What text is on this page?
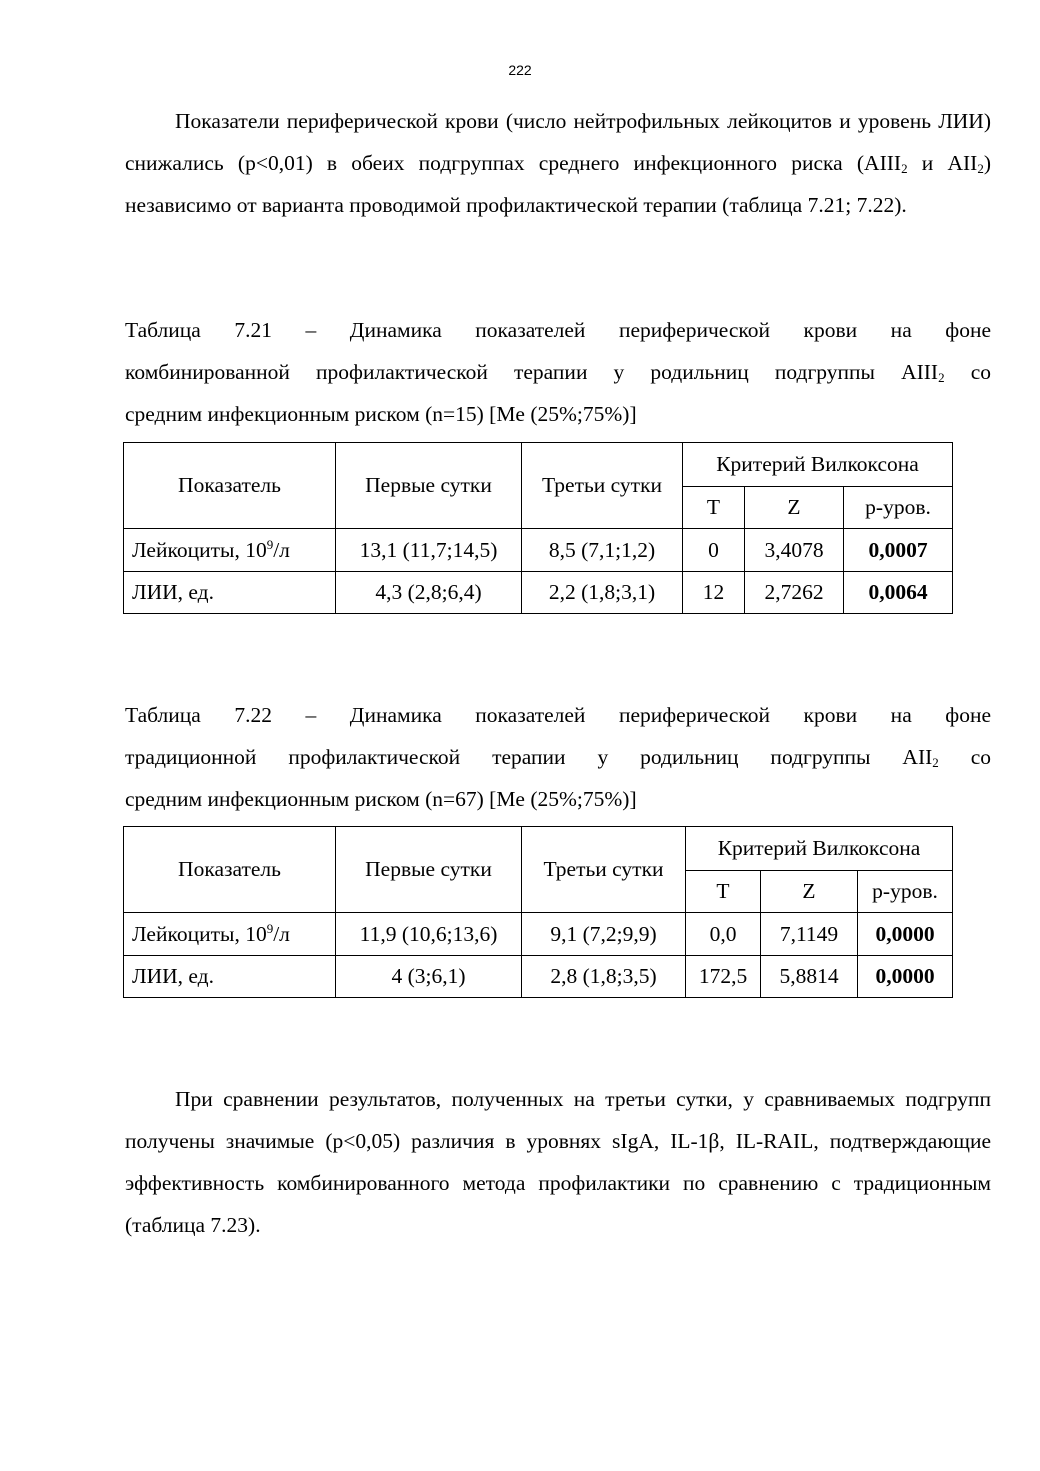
222

Показатели периферической крови (число нейтрофильных лейкоцитов и уровень ЛИИ) снижались (p<0,01) в обеих подгруппах среднего инфекционного риска ($АIII_2$ и $АII_2$) независимо от варианта проводимой профилактической терапии (таблица 7.21; 7.22).

Таблица 7.21 – Динамика показателей периферической крови на фоне
комбинированной профилактической терапии у родильниц подгруппы $АIII_2$ со
средним инфекционным риском (n=15) [Me (25%;75%)]
Показатель	Первые сутки	Третьи сутки	Критерий Вилкоксона		
			T	Z	р-уров.
Лейкоциты, $10^9/л$	13,1 (11,7;14,5)	8,5 (7,1;1,2)	0	3,4078	0,0007
ЛИИ, ед.	4,3 (2,8;6,4)	2,2 (1,8;3,1)	12	2,7262	0,0064
Таблица 7.22 – Динамика показателей периферической крови на фоне
традиционной профилактической терапии у родильниц подгруппы $АII_2$ со
средним инфекционным риском (n=67) [Me (25%;75%)]
Показатель	Первые сутки	Третьи сутки	Критерий Вилкоксона		
			T	Z	р-уров.
Лейкоциты, $10^9/л$	11,9 (10,6;13,6)	9,1 (7,2;9,9)	0,0	7,1149	0,0000
ЛИИ, ед.	4 (3;6,1)	2,8 (1,8;3,5)	172,5	5,8814	0,0000

При сравнении результатов, полученных на третьи сутки, у сравниваемых подгрупп получены значимые (p<0,05) различия в уровнях sIgA, IL-1β, IL-RAIL, подтверждающие эффективность комбинированного метода профилактики по сравнению с традиционным (таблица 7.23).
